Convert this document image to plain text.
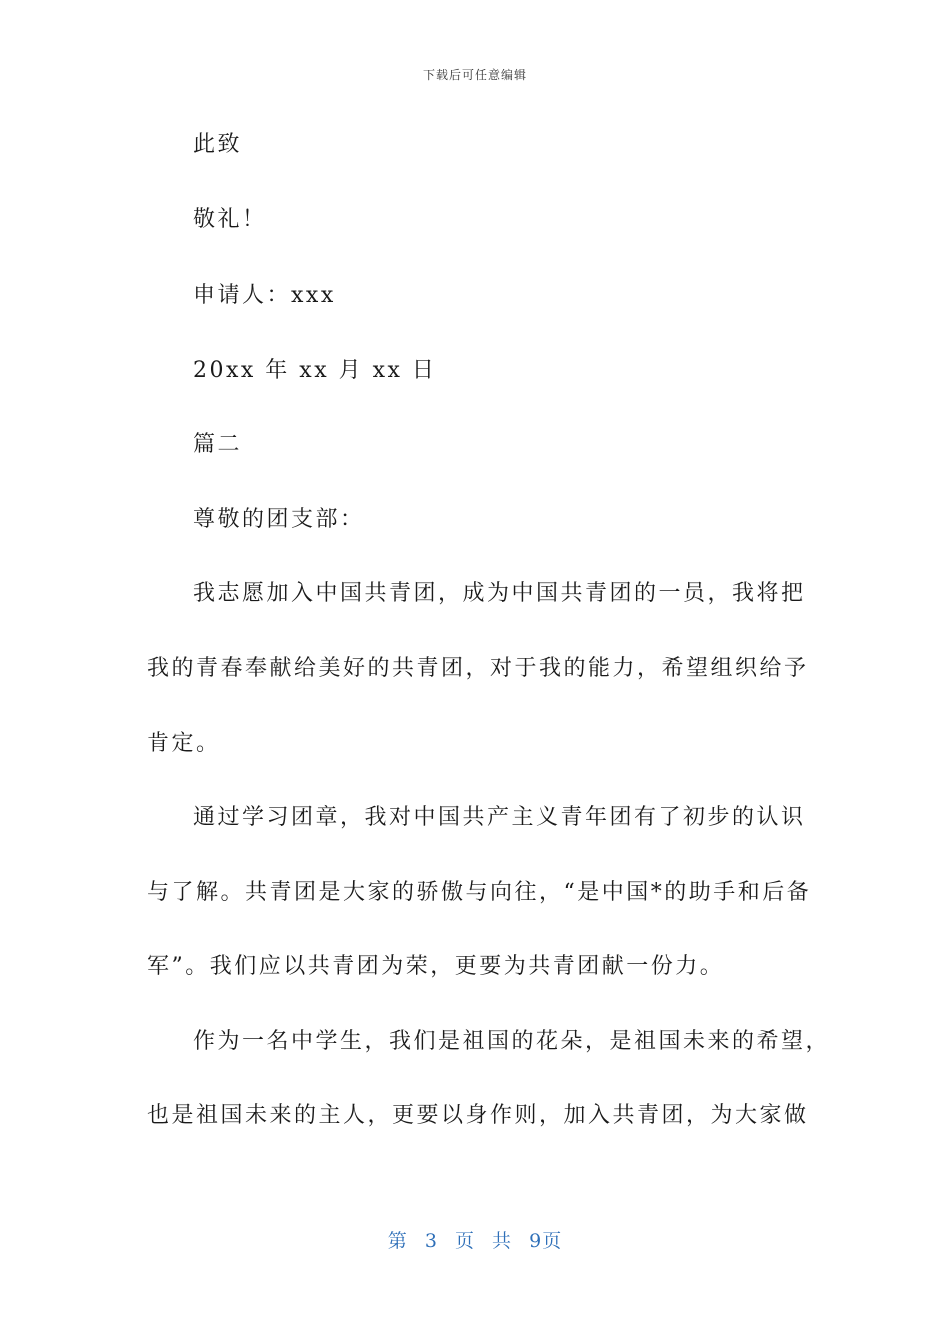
下载后可任意编辑
此致
敬礼！
申请人：xxx
20xx 年 xx 月 xx 日
篇二
尊敬的团支部：
我志愿加入中国共青团，成为中国共青团的一员，我将把
我的青春奉献给美好的共青团，对于我的能力，希望组织给予
肯定。
通过学习团章，我对中国共产主义青年团有了初步的认识
与了解。共青团是大家的骄傲与向往，“是中国*的助手和后备
军”。我们应以共青团为荣，更要为共青团献一份力。
作为一名中学生，我们是祖国的花朵，是祖国未来的希望，
也是祖国未来的主人，更要以身作则，加入共青团，为大家做
第 3 页 共 9页
